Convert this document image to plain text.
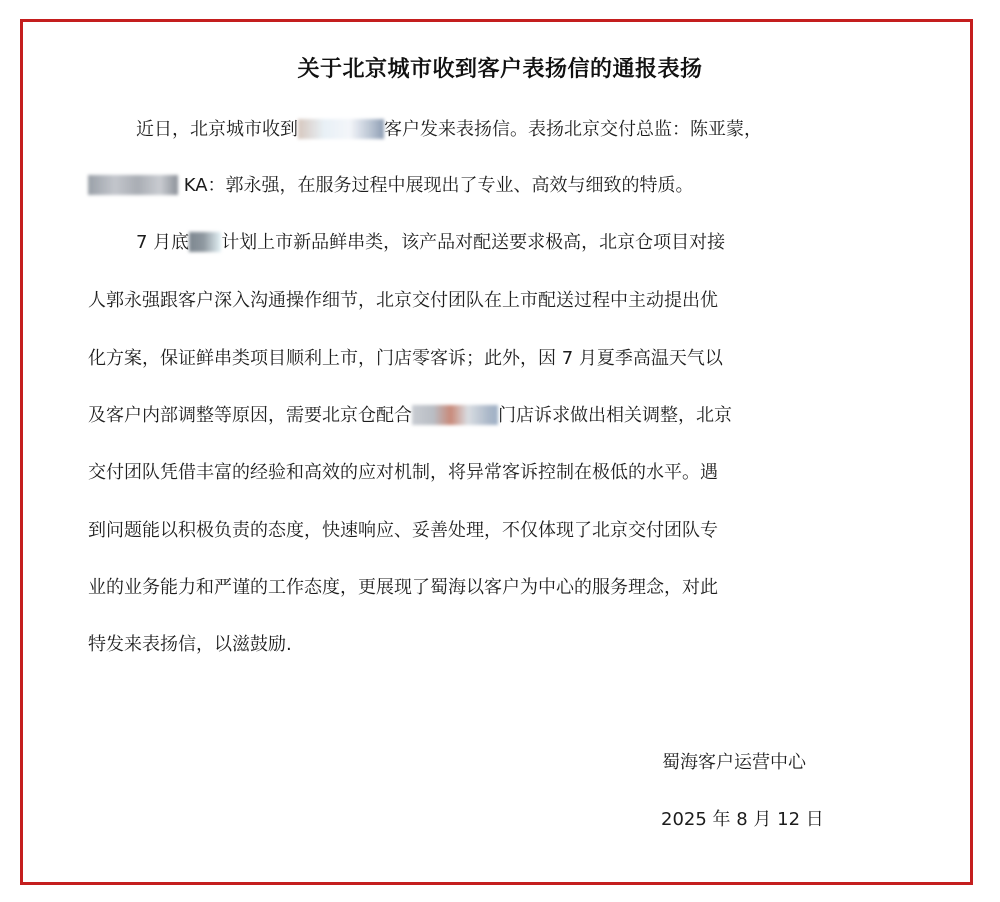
关于北京城市收到客户表扬信的通报表扬
近日，北京城市收到	客户发来表扬信。表扬北京交付总监：陈亚蒙，
KA：郭永强，在服务过程中展现出了专业、高效与细致的特质。
7 月底 计划上市新品鲜串类，该产品对配送要求极高，北京仓项目对接
人郭永强跟客户深入沟通操作细节，北京交付团队在上市配送过程中主动提出优
化方案，保证鲜串类项目顺利上市，门店零客诉；此外，因 7 月夏季高温天气以
及客户内部调整等原因，需要北京仓配合	门店诉求做出相关调整，北京
交付团队凭借丰富的经验和高效的应对机制，将异常客诉控制在极低的水平。遇
到问题能以积极负责的态度，快速响应、妥善处理，不仅体现了北京交付团队专
业的业务能力和严谨的工作态度，更展现了蜀海以客户为中心的服务理念，对此
特发来表扬信，以滋鼓励.
蜀海客户运营中心
2025 年 8 月 12 日
